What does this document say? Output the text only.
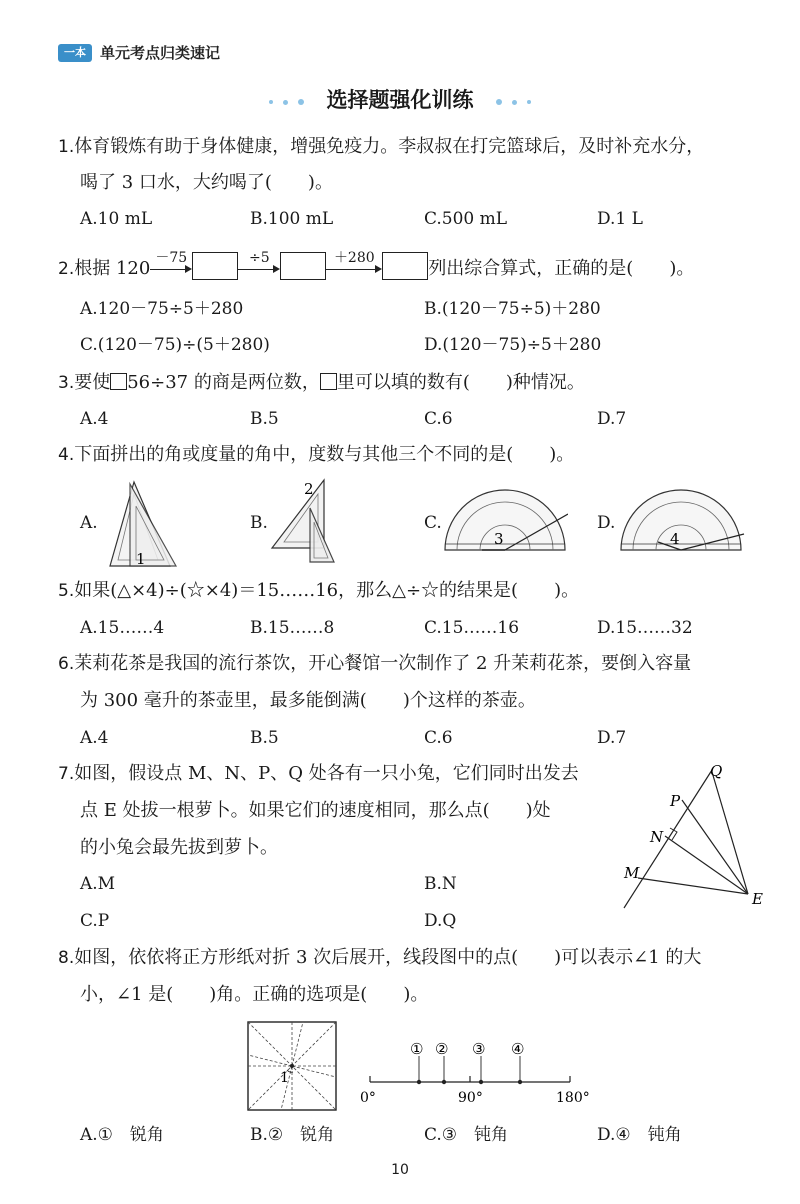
一本 单元考点归类速记
选择题强化训练
1.体育锻炼有助于身体健康，增强免疫力。李叔叔在打完篮球后，及时补充水分，
喝了 3 口水，大约喝了(　　)。
A.10 mL	B.100 mL	C.500 mL	D.1 L
2.根据 120 －75	÷5	＋280	列出综合算式，正确的是(　　)。
A.120－75÷5＋280	B.(120－75÷5)＋280
C.(120－75)÷(5＋280)	D.(120－75)÷5＋280
3.要使 56÷37 的商是两位数， 里可以填的数有(　　)种情况。
A.4	B.5	C.6	D.7
4.下面拼出的角或度量的角中，度数与其他三个不同的是(　　)。
A.	B.	C.	D.
1
2
3	4
5.如果(△×4)÷(☆×4)＝15……16，那么△÷☆的结果是(　　)。
A.15……4	B.15……8	C.15……16	D.15……32
6.茉莉花茶是我国的流行茶饮，开心餐馆一次制作了 2 升茉莉花茶，要倒入容量
为 300 毫升的茶壶里，最多能倒满(　　)个这样的茶壶。
A.4	B.5	C.6	D.7
7.如图，假设点 M、N、P、Q 处各有一只小兔，它们同时出发去
点 E 处拔一根萝卜。如果它们的速度相同，那么点(　　)处
的小兔会最先拔到萝卜。
A.M	B.N
C.P	D.Q
Q
P
N
M
E
8.如图，依依将正方形纸对折 3 次后展开，线段图中的点(　　)可以表示∠1 的大
小，∠1 是(　　)角。正确的选项是(　　)。
1
① ② ③ ④
0°	90°	180°
A.①　锐角	B.②　锐角	C.③　钝角	D.④　钝角
10
